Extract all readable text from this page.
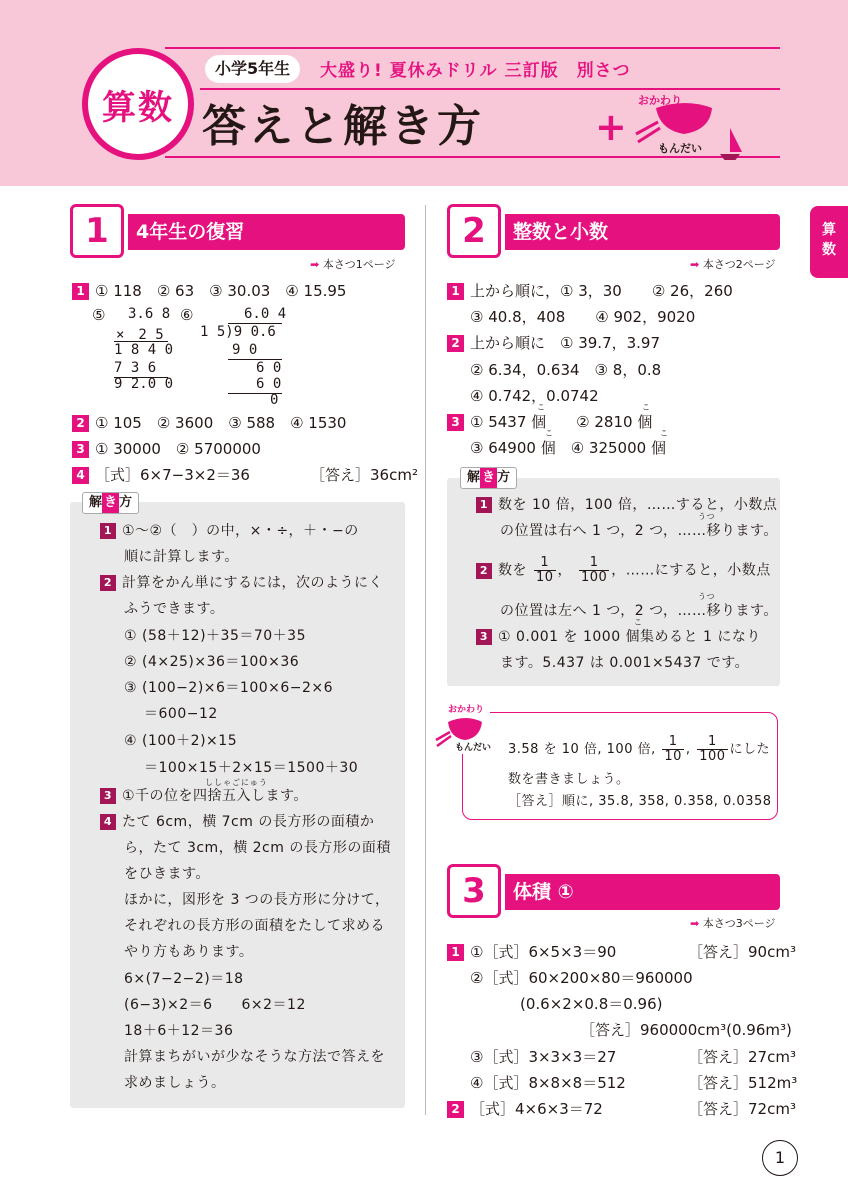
算数
小学5年生	大盛り! 夏休みドリル 三訂版　別さつ
答えと解き方	+
おかわり
もんだい
算
数
1	4年生の復習
➡ 本さつ1ページ
1 ① 118　② 63　③ 30.03　④ 15.95
⑤	⑥
3.6 8
×　2 5
1 8 4 0
7 3 6
9 2.0 0
6.0 4
1 5)9 0.6
9 0
6 0
6 0
0
2 ① 105　② 3600　③ 588　④ 1530
3 ① 30000　② 5700000
4 ［式］6×7−3×2＝36	［答え］36cm²
解 き 方
1 ①〜②（　）の中，×・÷，＋・−の
順に計算します。
2 計算をかん単にするには，次のようにく
ふうできます。
① (58＋12)＋35＝70＋35
② (4×25)×36＝100×36
③ (100−2)×6＝100×6−2×6
＝600−12
④ (100＋2)×15
＝100×15＋2×15＝1500＋30
ししゃごにゅう
3 ①千の位を四捨五入します。
4 たて 6cm，横 7cm の長方形の面積か
ら，たて 3cm，横 2cm の長方形の面積
をひきます。
ほかに，図形を 3 つの長方形に分けて，
それぞれの長方形の面積をたして求める
やり方もあります。
6×(7−2−2)＝18
(6−3)×2＝6　　6×2＝12
18＋6＋12＝36
計算まちがいが少なそうな方法で答えを
求めましょう。
2	整数と小数
➡ 本さつ2ページ
1 上から順に，① 3，30　　② 26，260
③ 40.8，408　　④ 902，9020
2 上から順に　① 39.7，3.97
② 6.34，0.634　③ 8，0.8
④ 0.742，0.0742
こ	こ
3 ① 5437 個　　② 2810 個
こ	こ
③ 64900 個　④ 325000 個
解 き 方
1 数を 10 倍，100 倍，……すると，小数点
うつ
の位置は右へ 1 つ，2 つ，……移ります。
2 数を $\frac{1}{10}$ ， $\frac{1}{100}$ ，……にすると，小数点
うつ
の位置は左へ 1 つ，2 つ，……移ります。
こ
3 ① 0.001 を 1000 個集めると 1 になり
ます。5.437 は 0.001×5437 です。
おかわり
もんだい 3.58 を 10 倍, 100 倍, $\frac{1}{10}$ , $\frac{1}{100}$ にした
数を書きましょう。
［答え］順に, 35.8, 358, 0.358, 0.0358
3	体積 ①
➡ 本さつ3ページ
1 ①［式］6×5×3＝90	［答え］90cm³
②［式］60×200×80＝960000
(0.6×2×0.8＝0.96)
［答え］960000cm³(0.96m³)
③［式］3×3×3＝27	［答え］27cm³
④［式］8×8×8＝512	［答え］512m³
2 ［式］4×6×3＝72	［答え］72cm³
1
